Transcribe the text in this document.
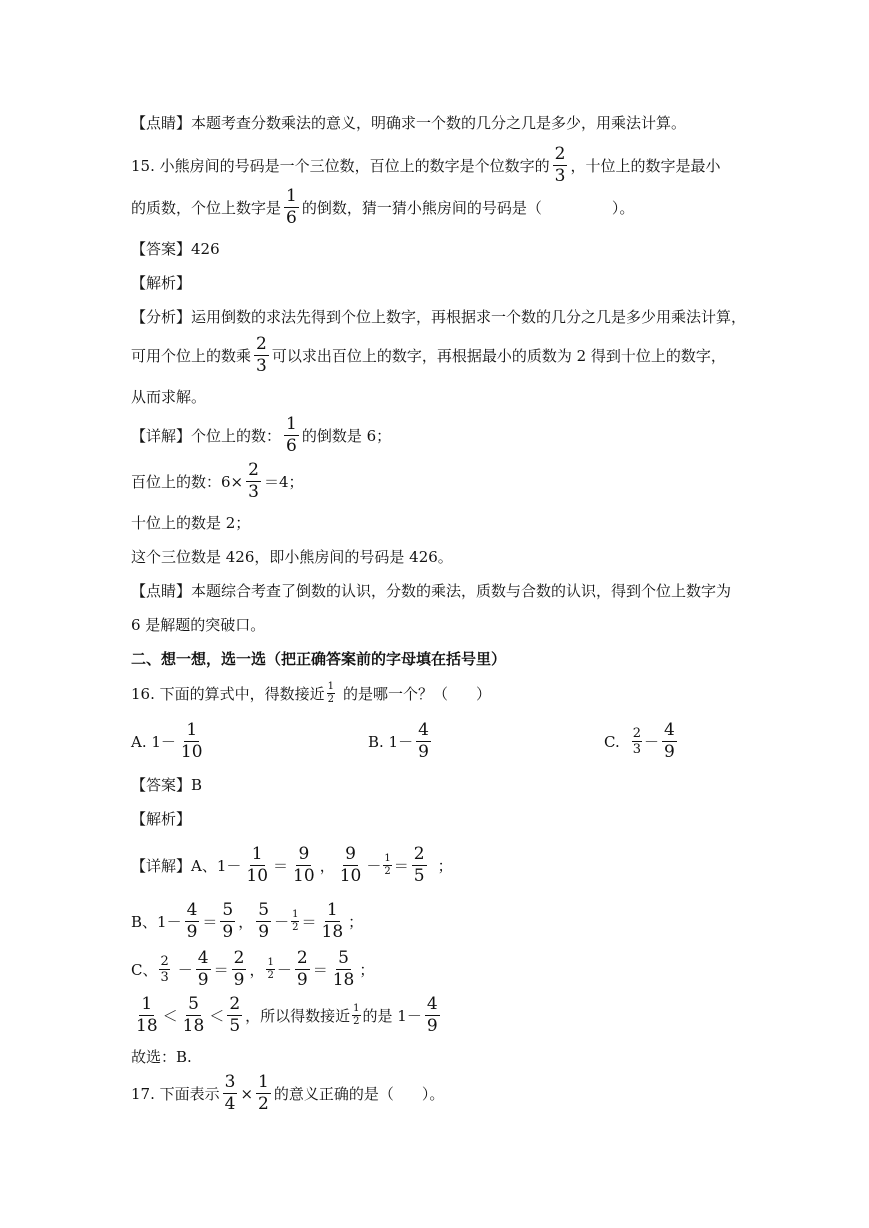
【点睛】本题考查分数乘法的意义，明确求一个数的几分之几是多少，用乘法计算。
15. 小熊房间的号码是一个三位数，百位上的数字是个位数字的 $\frac{2}{3}$ ，十位上的数字是最小
的质数，个位上数字是 $\frac{1}{6}$ 的倒数，猜一猜小熊房间的号码是（	）。
【答案】426
【解析】
【分析】运用倒数的求法先得到个位上数字，再根据求一个数的几分之几是多少用乘法计算，
可用个位上的数乘 $\frac{2}{3}$ 可以求出百位上的数字，再根据最小的质数为 2 得到十位上的数字，
从而求解。
【详解】个位上的数： $\frac{1}{6}$ 的倒数是 6；
百位上的数：$6\times \frac{2}{3} =4$；
十位上的数是 2；
这个三位数是 426，即小熊房间的号码是 426。
【点睛】本题综合考查了倒数的认识，分数的乘法，质数与合数的认识，得到个位上数字为
6 是解题的突破口。
二、想一想，选一选（把正确答案前的字母填在括号里）
16. 下面的算式中，得数接近 $\frac{1}{2}$ 的是哪一个？（ ）
A. $1- \frac{1}{10}$	B. $1- \frac{4}{9}$	C. $\frac{2}{3} - \frac{4}{9}$
【答案】B
【解析】
【详解】A、$1- \frac{1}{10} = \frac{9}{10}$ ， $\frac{9}{10} - \frac{1}{2} = \frac{2}{5}$ ；
B、$1- \frac{4}{9} = \frac{5}{9}$ ， $\frac{5}{9} - \frac{1}{2} = \frac{1}{18}$ ；
C、 $\frac{2}{3} - \frac{4}{9} = \frac{2}{9}$ ， $\frac{1}{2} - \frac{2}{9} = \frac{5}{18}$ ；
$\frac{1}{18} < \frac{5}{18} < \frac{2}{5}$ ，所以得数接近 $\frac{1}{2}$ 的是 $1- \frac{4}{9}$
故选：B.
17. 下面表示 $\frac{3}{4} \times \frac{1}{2}$ 的意义正确的是（ ）。
